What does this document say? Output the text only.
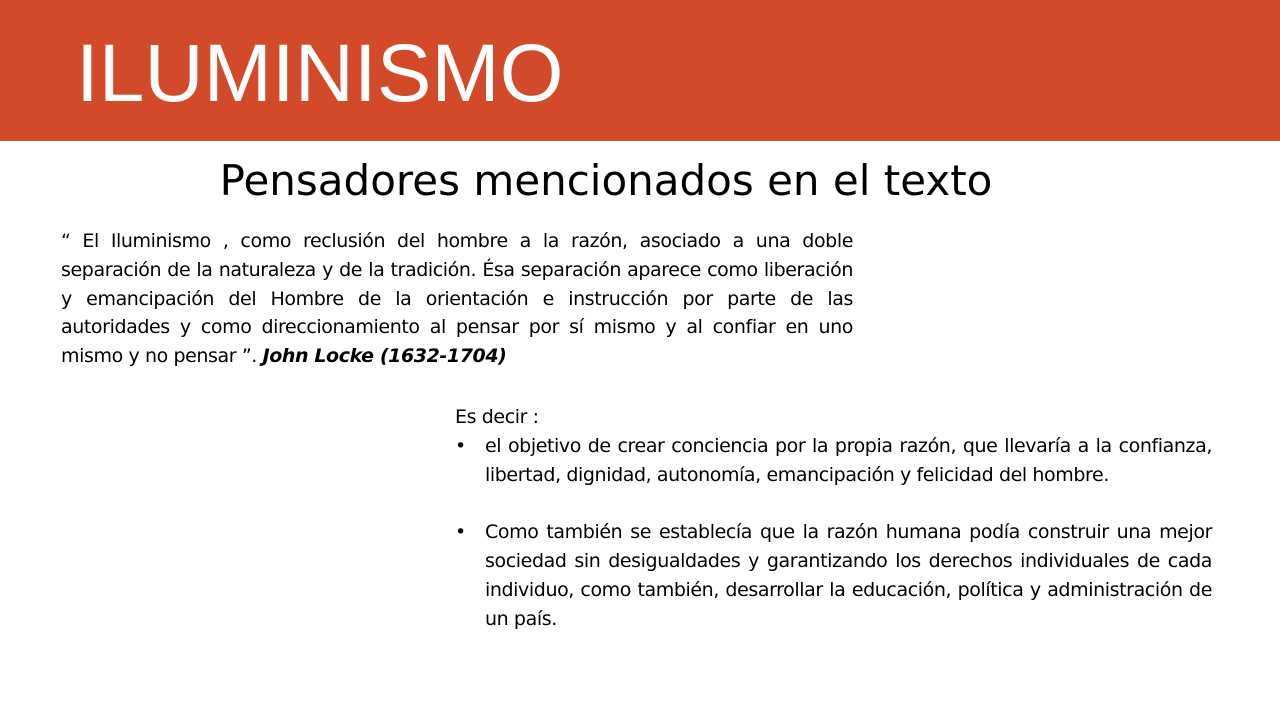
ILUMINISMO
Pensadores mencionados en el texto

“ El Iluminismo , como reclusión del hombre a la razón, asociado a una doble separación de la naturaleza y de la tradición. Ésa separación aparece como liberación y emancipación del Hombre de la orientación e instrucción por parte de las autoridades y como direccionamiento al pensar por sí mismo y al confiar en uno mismo y no pensar ”. John Locke (1632-1704)

Es decir :

• el objetivo de crear conciencia por la propia razón, que llevaría a la confianza, libertad, dignidad, autonomía, emancipación y felicidad del hombre.
• Como también se establecía que la razón humana podía construir una mejor sociedad sin desigualdades y garantizando los derechos individuales de cada individuo, como también, desarrollar la educación, política y administración de un país.
